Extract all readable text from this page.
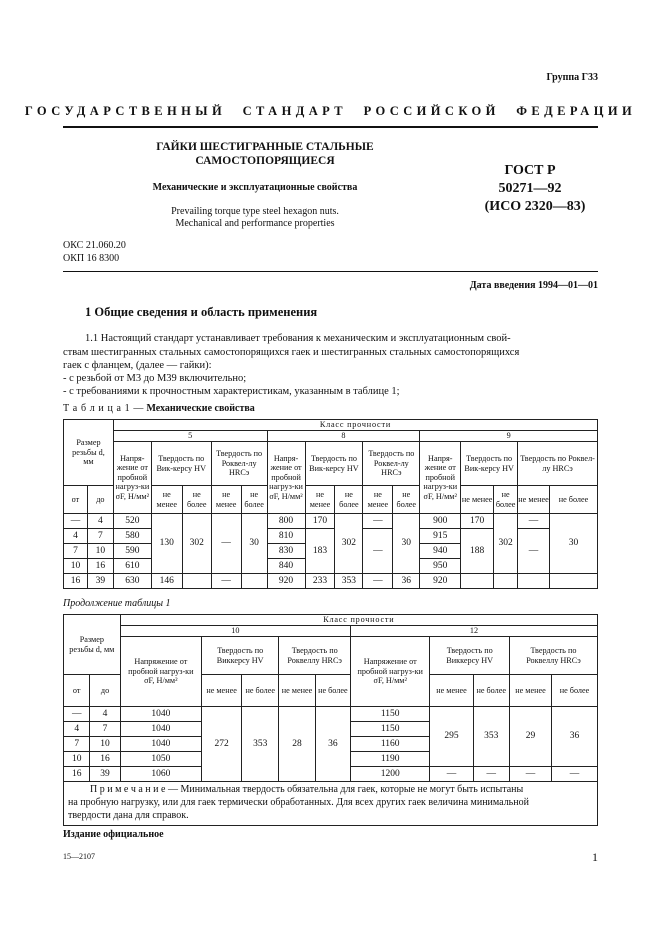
Группа Г33
ГОСУДАРСТВЕННЫЙ СТАНДАРТ РОССИЙСКОЙ ФЕДЕРАЦИИ
ГАЙКИ ШЕСТИГРАННЫЕ СТАЛЬНЫЕ
САМОСТОПОРЯЩИЕСЯ
Механические и эксплуатационные свойства
Prevailing torque type steel hexagon nuts.
Mechanical and performance properties
ГОСТ Р
50271—92
(ИСО 2320—83)
ОКС 21.060.20
ОКП 16 8300
Дата введения 1994—01—01
1 Общие сведения и область применения
1.1 Настоящий стандарт устанавливает требования к механическим и эксплуатационным свой-
ствам шестигранных стальных самостопорящихся гаек и шестигранных стальных самостопорящихся
гаек с фланцем, (далее — гайки):
- с резьбой от М3 до М39 включительно;
- с требованиями к прочностным характеристикам, указанным в таблице 1;
Т а б л и ц а 1 — Механические свойства
Размер резьбы d, мм		Класс прочности														
		5					8					9				
		Напря-жение от пробной нагруз-ки σF, Н/мм²	Твердость по Вик-керсу HV		Твердость по Роквел-лу HRCэ		Напря-жение от пробной нагруз-ки σF, Н/мм²	Твердость по Вик-керсу HV		Твердость по Роквел-лу HRCэ		Напря-жение от пробной нагруз-ки σF, Н/мм²	Твердость по Вик-керсу HV		Твердость по Роквел-лу HRCэ	
от	до		не менее	не более	не менее	не более		не менее	не более	не менее	не более		не менее	не более	не менее	не более
—	4	520	130	302	—	30	800	170	302	—	30	900	170	302	—	30
4	7	580					810	183		—		915	188		—	
7	10	590					830					940				
10	16	610					840					950				
16	39	630	146		—		920	233	353	—	36	920				
Продолжение таблицы 1
Размер резьбы d, мм		Класс прочности									
		10					12				
		Напряжение от пробной нагруз-ки σF, Н/мм²	Твердость по Виккерсу HV		Твердость по Роквеллу HRCэ		Напряжение от пробной нагруз-ки σF, Н/мм²	Твердость по Виккерсу HV		Твердость по Роквеллу HRCэ	
от	до		не менее	не более	не менее	не более		не менее	не более	не менее	не более
—	4	1040	272	353	28	36	1150	295	353	29	36
4	7	1040					1150				
7	10	1040					1160				
10	16	1050					1190				
16	39	1060					1200	—	—	—	—

П р и м е ч а н и е — Минимальная твердость обязательна для гаек, которые не могут быть испытаны
на пробную нагрузку, или для гаек термически обработанных. Для всех других гаек величина минимальной
твердости дана для справок.											
Издание официальное
15—2107	1
